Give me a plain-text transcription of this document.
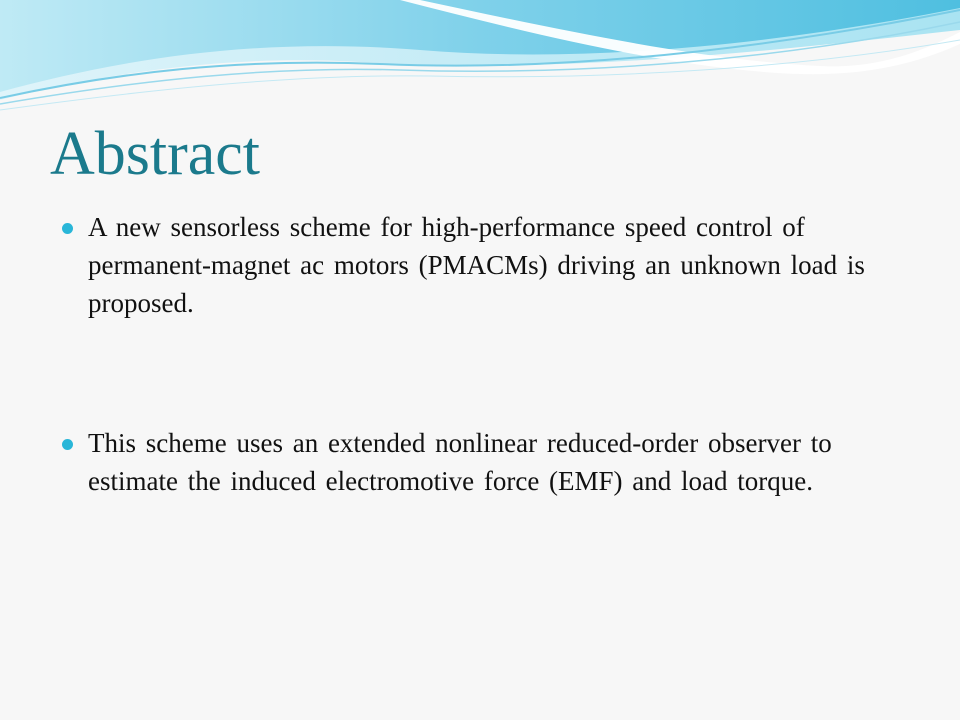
Abstract
A new sensorless scheme for high-performance speed control of permanent-magnet ac motors (PMACMs) driving an unknown load is proposed.
This scheme uses an extended nonlinear reduced-order observer to estimate the induced electromotive force (EMF) and load torque.
